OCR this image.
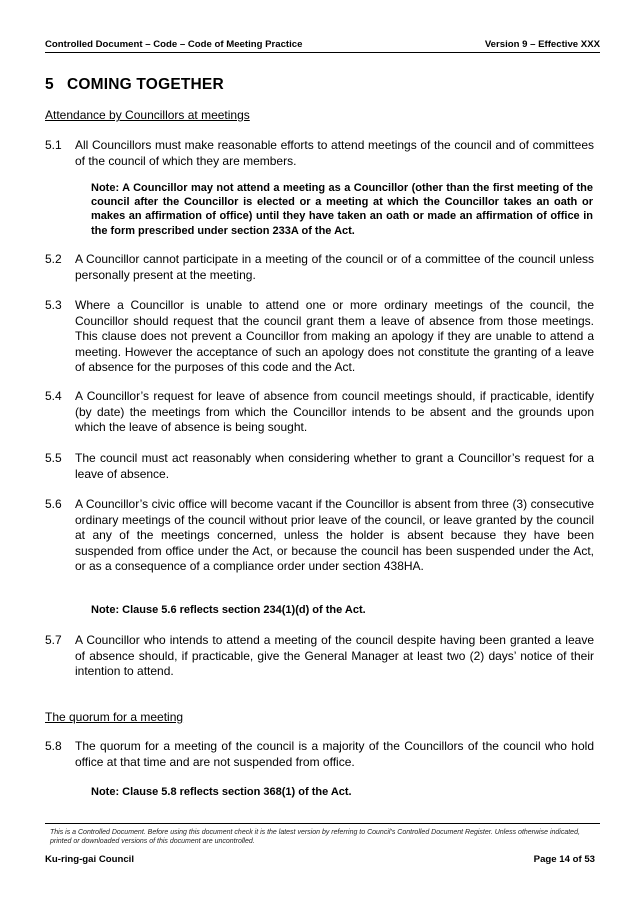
Controlled Document – Code – Code of Meeting Practice	Version 9 – Effective XXX
5 COMING TOGETHER
Attendance by Councillors at meetings
5.1	All Councillors must make reasonable efforts to attend meetings of the council and of committees of the council of which they are members.
Note: A Councillor may not attend a meeting as a Councillor (other than the first meeting of the council after the Councillor is elected or a meeting at which the Councillor takes an oath or makes an affirmation of office) until they have taken an oath or made an affirmation of office in the form prescribed under section 233A of the Act.
5.2	A Councillor cannot participate in a meeting of the council or of a committee of the council unless personally present at the meeting.
5.3	Where a Councillor is unable to attend one or more ordinary meetings of the council, the Councillor should request that the council grant them a leave of absence from those meetings. This clause does not prevent a Councillor from making an apology if they are unable to attend a meeting. However the acceptance of such an apology does not constitute the granting of a leave of absence for the purposes of this code and the Act.
5.4	A Councillor’s request for leave of absence from council meetings should, if practicable, identify (by date) the meetings from which the Councillor intends to be absent and the grounds upon which the leave of absence is being sought.
5.5	The council must act reasonably when considering whether to grant a Councillor’s request for a leave of absence.
5.6	A Councillor’s civic office will become vacant if the Councillor is absent from three (3) consecutive ordinary meetings of the council without prior leave of the council, or leave granted by the council at any of the meetings concerned, unless the holder is absent because they have been suspended from office under the Act, or because the council has been suspended under the Act, or as a consequence of a compliance order under section 438HA.
Note: Clause 5.6 reflects section 234(1)(d) of the Act.
5.7	A Councillor who intends to attend a meeting of the council despite having been granted a leave of absence should, if practicable, give the General Manager at least two (2) days’ notice of their intention to attend.
The quorum for a meeting
5.8	The quorum for a meeting of the council is a majority of the Councillors of the council who hold office at that time and are not suspended from office.
Note: Clause 5.8 reflects section 368(1) of the Act.
This is a Controlled Document. Before using this document check it is the latest version by referring to Council’s Controlled Document Register. Unless otherwise indicated, printed or downloaded versions of this document are uncontrolled.
Ku-ring-gai Council	Page 14 of 53
